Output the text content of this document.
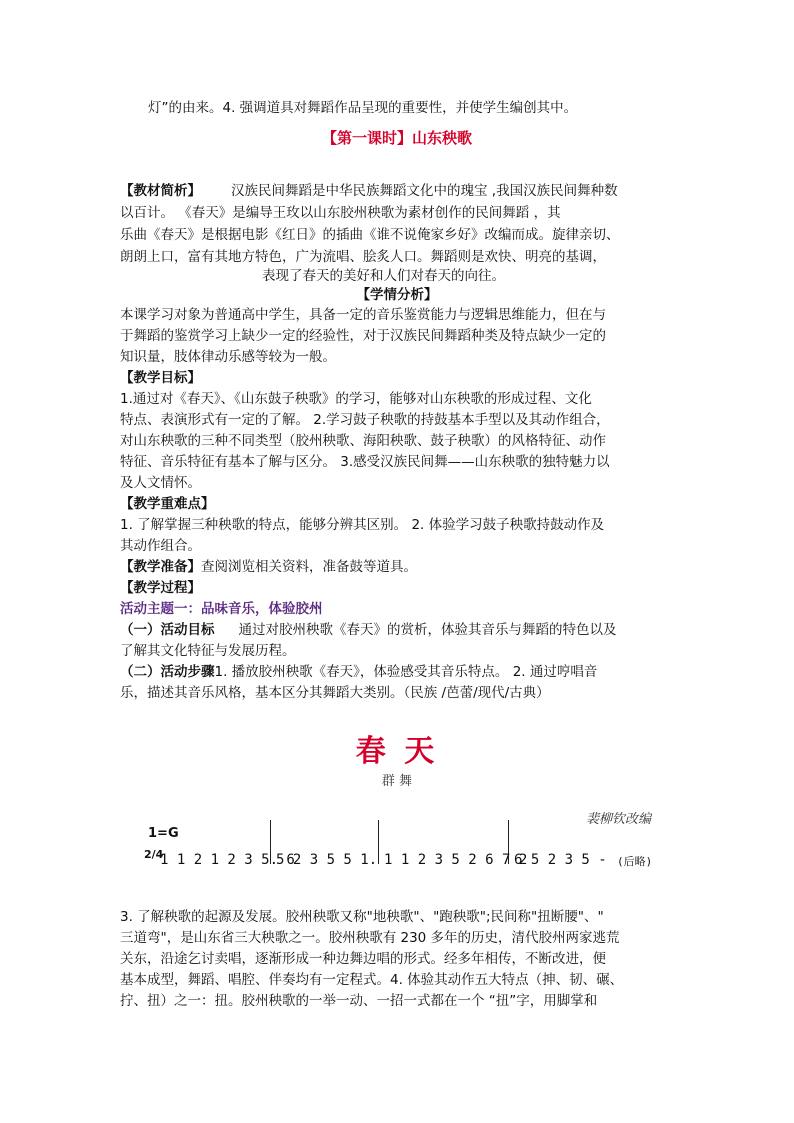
灯”的由来。4. 强调道具对舞蹈作品呈现的重要性，并使学生编创其中。
【第一课时】山东秧歌
【教材简析】 汉族民间舞蹈是中华民族舞蹈文化中的瑰宝 ,我国汉族民间舞种数
以百计。 《春天》是编导王玫以山东胶州秧歌为素材创作的民间舞蹈 ，其
乐曲《春天》是根据电影《红日》的插曲《谁不说俺家乡好》改编而成。旋律亲切、
朗朗上口，富有其地方特色，广为流唱、脍炙人口。舞蹈则是欢快、明亮的基调，
表现了春天的美好和人们对春天的向往。
【学情分析】
本课学习对象为普通高中学生，具备一定的音乐鉴赏能力与逻辑思维能力，但在与
于舞蹈的鉴赏学习上缺少一定的经验性，对于汉族民间舞蹈种类及特点缺少一定的
知识量，肢体律动乐感等较为一般。
【教学目标】
1.通过对《春天》、《山东鼓子秧歌》的学习，能够对山东秧歌的形成过程、文化
特点、表演形式有一定的了解。 2.学习鼓子秧歌的持鼓基本手型以及其动作组合，
对山东秧歌的三种不同类型（胶州秧歌、海阳秧歌、鼓子秧歌）的风格特征、动作
特征、音乐特征有基本了解与区分。 3.感受汉族民间舞——山东秧歌的独特魅力以
及人文情怀。
【教学重难点】
1. 了解掌握三种秧歌的特点，能够分辨其区别。 2. 体验学习鼓子秧歌持鼓动作及
其动作组合。
【教学准备】查阅浏览相关资料，准备鼓等道具。
【教学过程】
活动主题一：品味音乐，体验胶州
（一）活动目标 通过对胶州秧歌《春天》的赏析，体验其音乐与舞蹈的特色以及
了解其文化特征与发展历程。
（二）活动步骤1. 播放胶州秧歌《春天》，体验感受其音乐特点。 2. 通过哼唱音
乐，描述其音乐风格，基本区分其舞蹈大类别。（民族 /芭蕾/现代/古典）
春 天
群 舞
裴柳钦改编
1=G
2/4
1 1 2 1 2 3 5. 6
5 2 3 5 5 1. 1 1 2 3 5 2 6 7 2
6 5 2 3 5 - (后略)
3. 了解秧歌的起源及发展。胶州秧歌又称"地秧歌"、"跑秧歌";民间称"扭断腰"、"
三道弯"，是山东省三大秧歌之一。胶州秧歌有 230 多年的历史，清代胶州两家逃荒
关东，沿途乞讨卖唱，逐渐形成一种边舞边唱的形式。经多年相传，不断改进，便
基本成型，舞蹈、唱腔、伴奏均有一定程式。4. 体验其动作五大特点（抻、韧、碾、
拧、扭）之一：扭。胶州秧歌的一举一动、一招一式都在一个 “扭”字，用脚掌和
